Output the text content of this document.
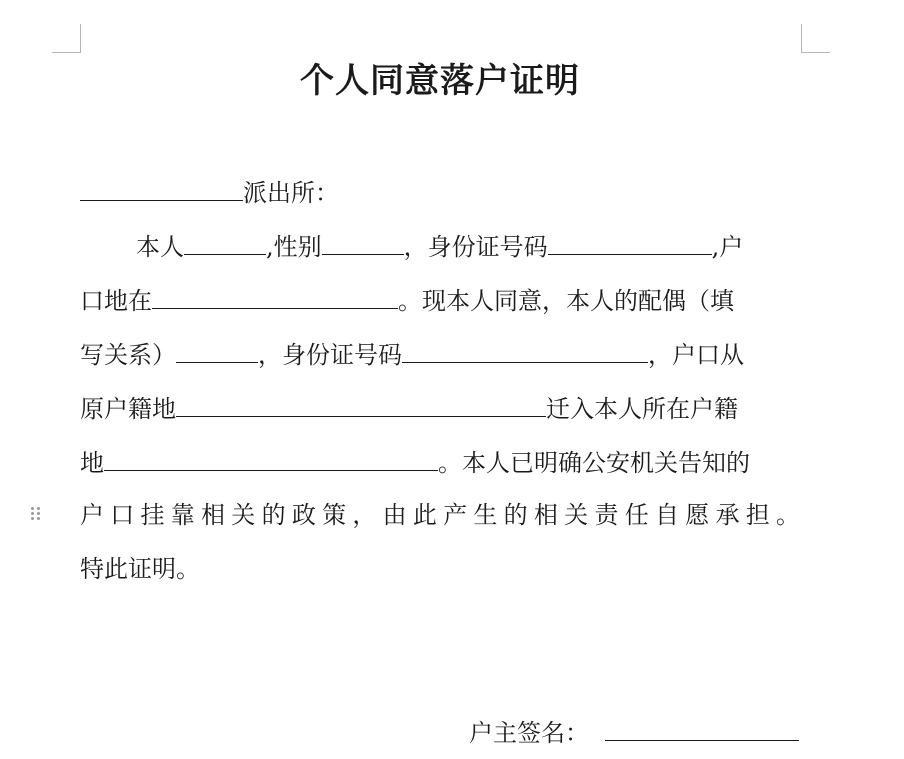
个人同意落户证明
派出所：
本人	,性别	，身份证号码	,户
口地在	。现本人同意，本人的配偶（填
写关系）	，身份证号码	，户口从
原户籍地	迁入本人所在户籍
地	。本人已明确公安机关告知的
户口挂靠相关的政策，由此产生的相关责任自愿承担。
特此证明。
户主签名：
